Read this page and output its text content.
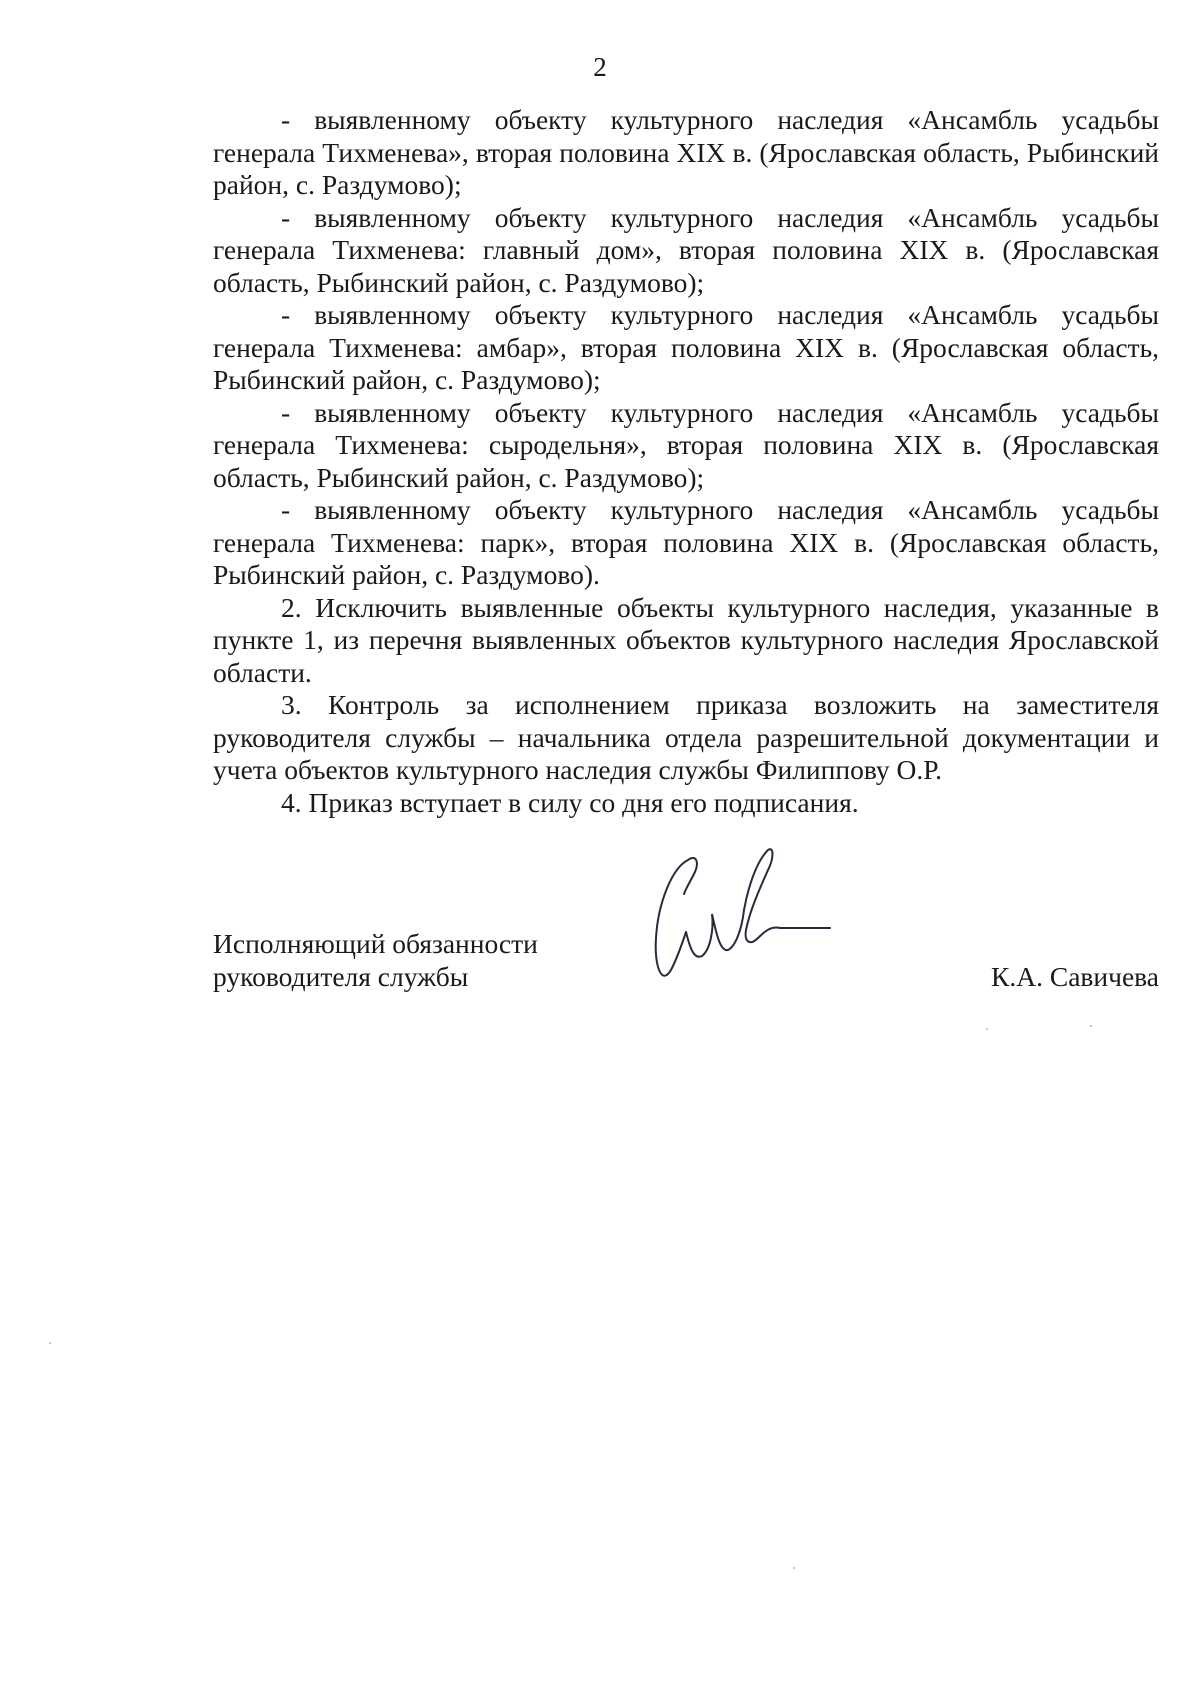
2

- выявленному объекту культурного наследия «Ансамбль усадьбы генерала Тихменева», вторая половина XIX в. (Ярославская область, Рыбинский район, с. Раздумово);

- выявленному объекту культурного наследия «Ансамбль усадьбы генерала Тихменева: главный дом», вторая половина XIX в. (Ярославская область, Рыбинский район, с. Раздумово);

- выявленному объекту культурного наследия «Ансамбль усадьбы генерала Тихменева: амбар», вторая половина XIX в. (Ярославская область, Рыбинский район, с. Раздумово);

- выявленному объекту культурного наследия «Ансамбль усадьбы генерала Тихменева: сыродельня», вторая половина XIX в. (Ярославская область, Рыбинский район, с. Раздумово);

- выявленному объекту культурного наследия «Ансамбль усадьбы генерала Тихменева: парк», вторая половина XIX в. (Ярославская область, Рыбинский район, с. Раздумово).

2. Исключить выявленные объекты культурного наследия, указанные в пункте 1, из перечня выявленных объектов культурного наследия Ярославской области.

3. Контроль за исполнением приказа возложить на заместителя руководителя службы – начальника отдела разрешительной документации и учета объектов культурного наследия службы Филиппову О.Р.

4. Приказ вступает в силу со дня его подписания.

Исполняющий обязанности
руководителя службы	К.А. Савичева
